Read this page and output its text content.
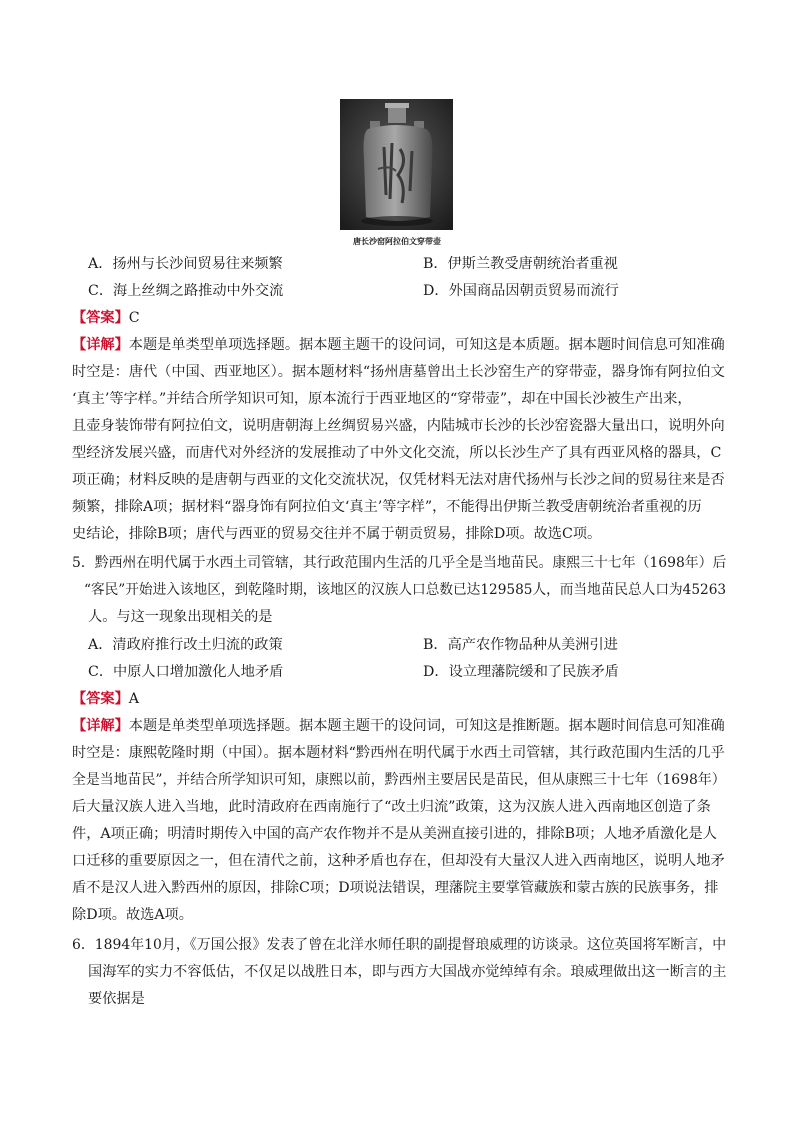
唐长沙窑阿拉伯文穿带壶
A．扬州与长沙间贸易往来频繁	B．伊斯兰教受唐朝统治者重视
C．海上丝绸之路推动中外交流	D．外国商品因朝贡贸易而流行
【答案】C
【详解】本题是单类型单项选择题。据本题主题干的设问词，可知这是本质题。据本题时间信息可知准确
时空是：唐代（中国、西亚地区）。据本题材料“扬州唐墓曾出土长沙窑生产的穿带壶，器身饰有阿拉伯文
‘真主’等字样。”并结合所学知识可知，原本流行于西亚地区的“穿带壶”，却在中国长沙被生产出来，
且壶身装饰带有阿拉伯文，说明唐朝海上丝绸贸易兴盛，内陆城市长沙的长沙窑瓷器大量出口，说明外向
型经济发展兴盛，而唐代对外经济的发展推动了中外文化交流，所以长沙生产了具有西亚风格的器具，C
项正确；材料反映的是唐朝与西亚的文化交流状况，仅凭材料无法对唐代扬州与长沙之间的贸易往来是否
频繁，排除A项；据材料“器身饰有阿拉伯文‘真主’等字样”，不能得出伊斯兰教受唐朝统治者重视的历
史结论，排除B项；唐代与西亚的贸易交往并不属于朝贡贸易，排除D项。故选C项。
5．黔西州在明代属于水西土司管辖，其行政范围内生活的几乎全是当地苗民。康熙三十七年（1698年）后
“客民”开始进入该地区，到乾隆时期，该地区的汉族人口总数已达129585人，而当地苗民总人口为45263
人。与这一现象出现相关的是
A．清政府推行改土归流的政策	B．高产农作物品种从美洲引进
C．中原人口增加激化人地矛盾	D．设立理藩院缓和了民族矛盾
【答案】A
【详解】本题是单类型单项选择题。据本题主题干的设问词，可知这是推断题。据本题时间信息可知准确
时空是：康熙乾隆时期（中国）。据本题材料“黔西州在明代属于水西土司管辖，其行政范围内生活的几乎
全是当地苗民”，并结合所学知识可知，康熙以前，黔西州主要居民是苗民，但从康熙三十七年（1698年）
后大量汉族人进入当地，此时清政府在西南施行了“改土归流”政策，这为汉族人进入西南地区创造了条
件，A项正确；明清时期传入中国的高产农作物并不是从美洲直接引进的，排除B项；人地矛盾激化是人
口迁移的重要原因之一，但在清代之前，这种矛盾也存在，但却没有大量汉人进入西南地区，说明人地矛
盾不是汉人进入黔西州的原因，排除C项；D项说法错误，理藩院主要掌管藏族和蒙古族的民族事务，排
除D项。故选A项。
6．1894年10月，《万国公报》发表了曾在北洋水师任职的副提督琅威理的访谈录。这位英国将军断言，中
国海军的实力不容低估，不仅足以战胜日本，即与西方大国战亦觉绰绰有余。琅威理做出这一断言的主
要依据是
